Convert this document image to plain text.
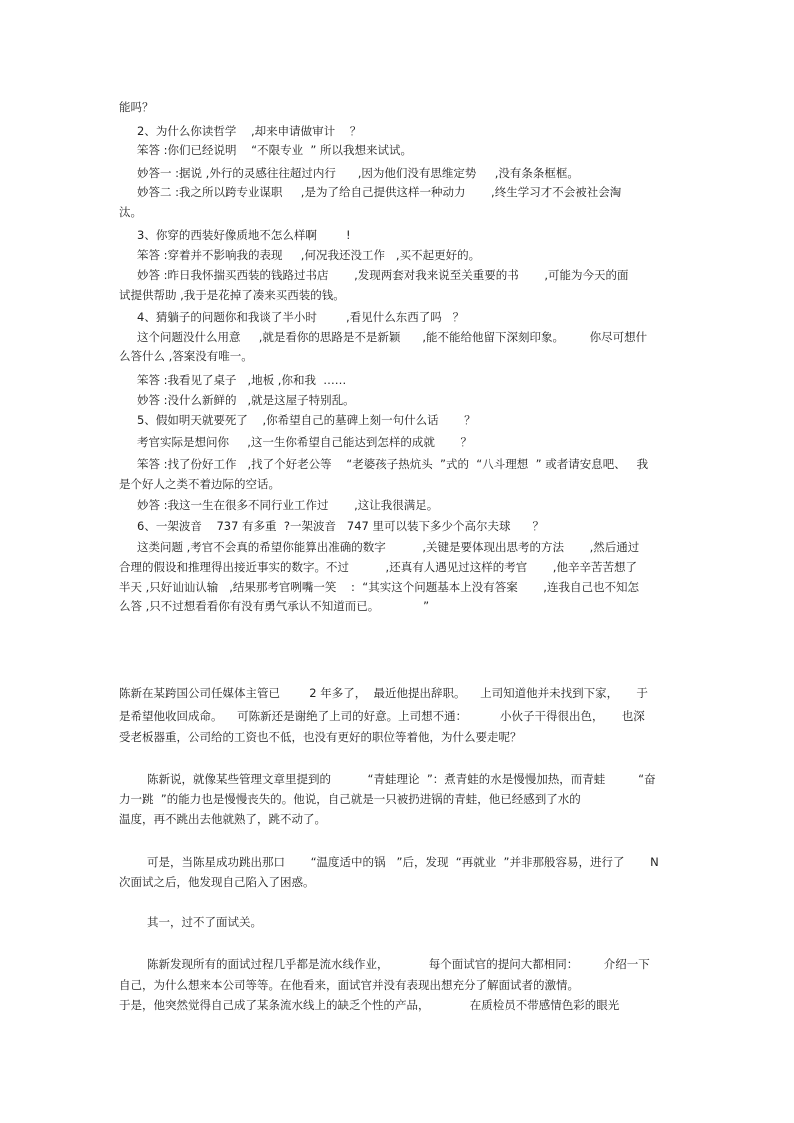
能吗？
2、为什么你读哲学    ,却来申请做审计    ？
笨答 :你们已经说明    “不限专业  ” 所以我想来试试。
妙答一 :据说 ,外行的灵感往往超过内行      ,因为他们没有思维定势     ,没有条条框框。
妙答二 :我之所以跨专业谋职     ,是为了给自己提供这样一种动力       ,终生学习才不会被社会淘
汰。
3、你穿的西装好像质地不怎么样啊        !
笨答 :穿着并不影响我的表现     ,何况我还没工作   ,买不起更好的。
妙答 :昨日我怀揣买西装的钱路过书店       ,发现两套对我来说至关重要的书       ,可能为今天的面
试提供帮助 ,我于是花掉了凑来买西装的钱。
4、猜躺子的问题你和我谈了半小时        ,看见什么东西了吗   ？
这个问题没什么用意     ,就是看你的思路是不是新颖      ,能不能给他留下深刻印象。       你尽可想什
么答什么 ,答案没有唯一。
笨答 :我看见了桌子   ,地板 ,你和我  ……
妙答 :没什么新鲜的   ,就是这屋子特别乱。
5、假如明天就要死了    ,你希望自己的墓碑上刻一句什么话       ？
考官实际是想问你     ,这一生你希望自己能达到怎样的成就       ？
笨答 :找了份好工作   ,找了个好老公等    “老婆孩子热炕头  ”式的  “八斗理想  ” 或者请安息吧、   我
是个好人之类不着边际的空话。
妙答 :我这一生在很多不同行业工作过       ,这让我很满足。
6、一架波音    737 有多重  ?一架波音   747 里可以装下多少个高尔夫球      ？
这类问题 ,考官不会真的希望你能算出准确的数字          ,关键是要体现出思考的方法       ,然后通过
合理的假设和推理得出接近事实的数字。不过          ,还真有人遇见过这样的考官       ,他辛辛苦苦想了
半天 ,只好讪讪认输   ,结果那考官咧嘴一笑    :  “其实这个问题基本上没有答案       ,连我自己也不知怎
么答 ,只不过想看看你有没有勇气承认不知道而已。            ”
陈新在某跨国公司任媒体主管已        2 年多了，  最近他提出辞职。    上司知道他并未找到下家，     于
是希望他收回成命。    可陈新还是谢绝了上司的好意。上司想不通：         小伙子干得很出色，     也深
受老板器重，公司给的工资也不低，也没有更好的职位等着他，为什么要走呢？
陈新说，就像某些管理文章里提到的          “青蛙理论  ”：煮青蛙的水是慢慢加热，而青蛙         “奋
力一跳  ”的能力也是慢慢丧失的。他说，自己就是一只被扔进锅的青蛙，他已经感到了水的
温度，再不跳出去他就熟了，跳不动了。
可是，当陈星成功跳出那口       “温度适中的锅   ”后，发现  “再就业  ”并非那般容易，进行了       N
次面试之后，他发现自己陷入了困惑。
其一，过不了面试关。
陈新发现所有的面试过程几乎都是流水线作业，           每个面试官的提问大都相同：       介绍一下
自己，为什么想来本公司等等。在他看来，面试官并没有表现出想充分了解面试者的激情。
于是，他突然觉得自己成了某条流水线上的缺乏个性的产品，           在质检员不带感情色彩的眼光
